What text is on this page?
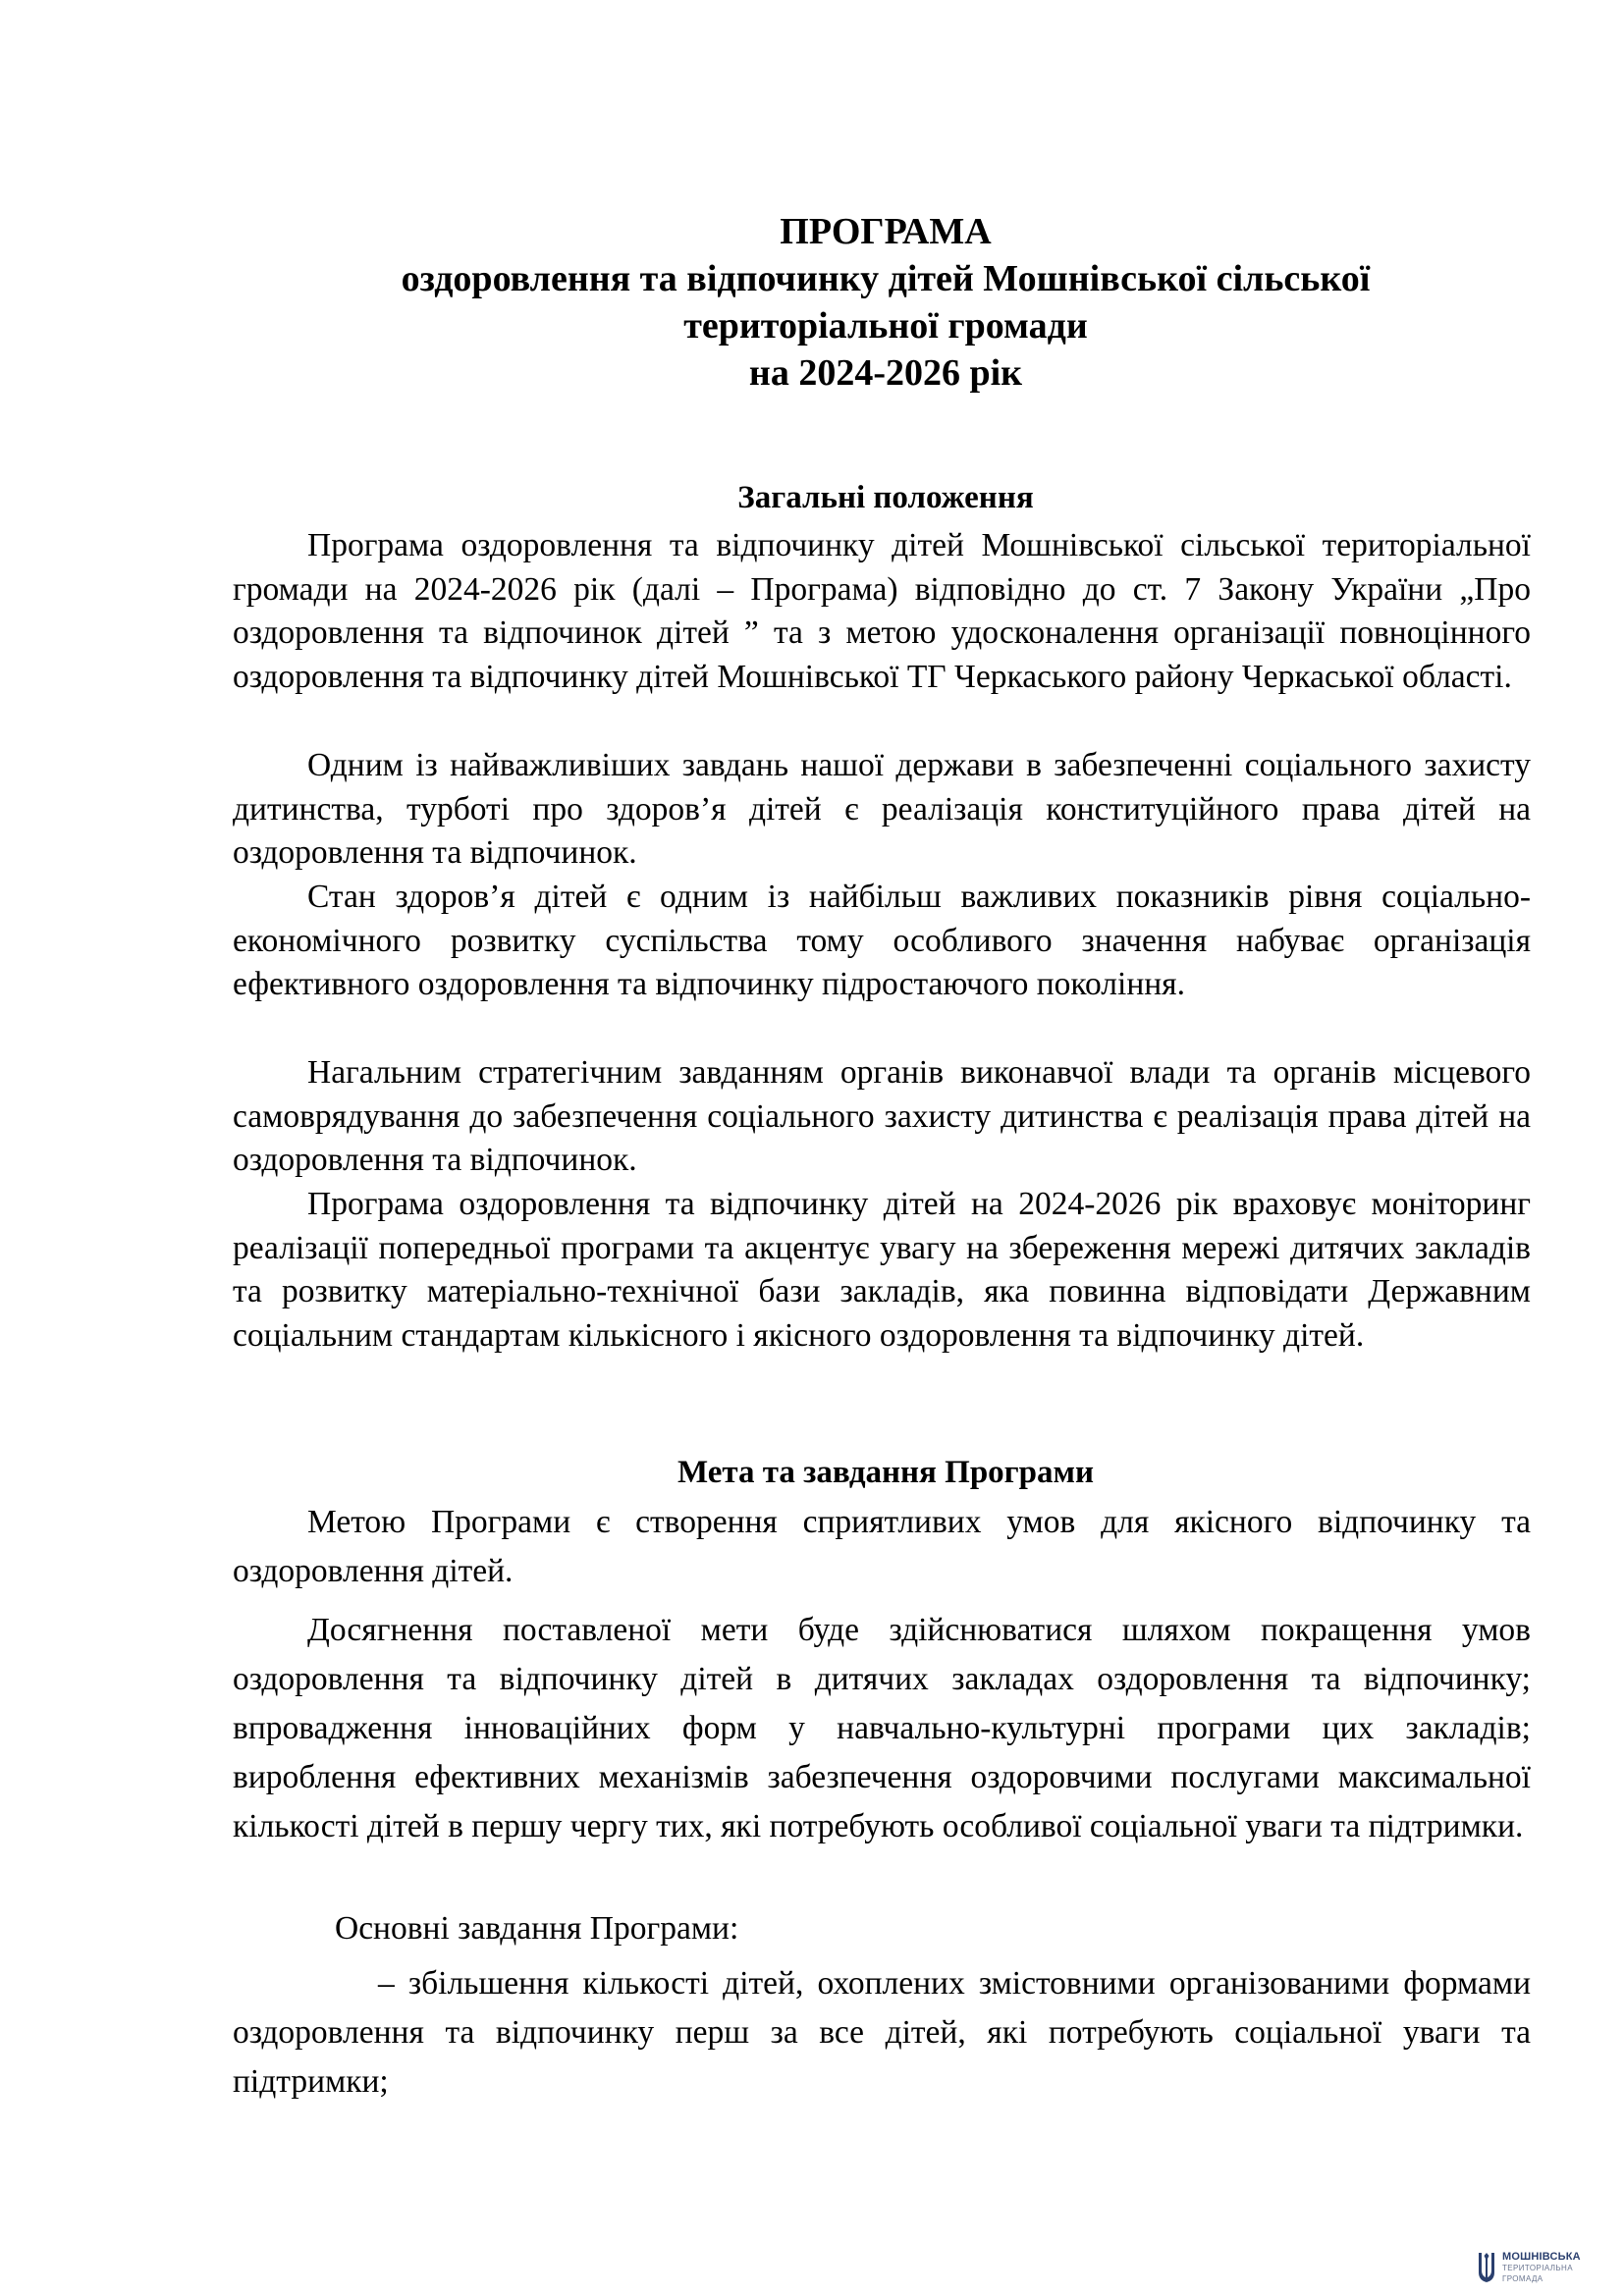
ПРОГРАМА
оздоровлення та відпочинку дітей Мошнівської сільської
територіальної громади
на 2024-2026 рік
Загальні положення

Програма оздоровлення та відпочинку дітей Мошнівської сільської територіальної громади на 2024-2026 рік (далі – Програма) відповідно до ст. 7 Закону України „Про оздоровлення та відпочинок дітей ” та з метою удосконалення організації повноцінного оздоровлення та відпочинку дітей Мошнівської ТГ Черкаського району Черкаської області.

Одним із найважливіших завдань нашої держави в забезпеченні соціального захисту дитинства, турботі про здоров’я дітей є реалізація конституційного права дітей на оздоровлення та відпочинок.

Стан здоров’я дітей є одним із найбільш важливих показників рівня соціально-економічного розвитку суспільства тому особливого значення набуває організація ефективного оздоровлення та відпочинку підростаючого покоління.

Нагальним стратегічним завданням органів виконавчої влади та органів місцевого самоврядування до забезпечення соціального захисту дитинства є реалізація права дітей на оздоровлення та відпочинок.

Програма оздоровлення та відпочинку дітей на 2024-2026 рік враховує моніторинг реалізації попередньої програми та акцентує увагу на збереження мережі дитячих закладів та розвитку матеріально-технічної бази закладів, яка повинна відповідати Державним соціальним стандартам кількісного і якісного оздоровлення та відпочинку дітей.

Мета та завдання Програми

Метою Програми є створення сприятливих умов для якісного відпочинку та оздоровлення дітей.

Досягнення поставленої мети буде здійснюватися шляхом покращення умов оздоровлення та відпочинку дітей в дитячих закладах оздоровлення та відпочинку; впровадження інноваційних форм у навчально-культурні програми цих закладів; вироблення ефективних механізмів забезпечення оздоровчими послугами максимальної кількості дітей в першу чергу тих, які потребують особливої соціальної уваги та підтримки.

Основні завдання Програми:

– збільшення кількості дітей, охоплених змістовними організованими формами оздоровлення та відпочинку перш за все дітей, які потребують соціальної уваги та підтримки;

МОШНІВСЬКА
ТЕРИТОРІАЛЬНА
ГРОМАДА
